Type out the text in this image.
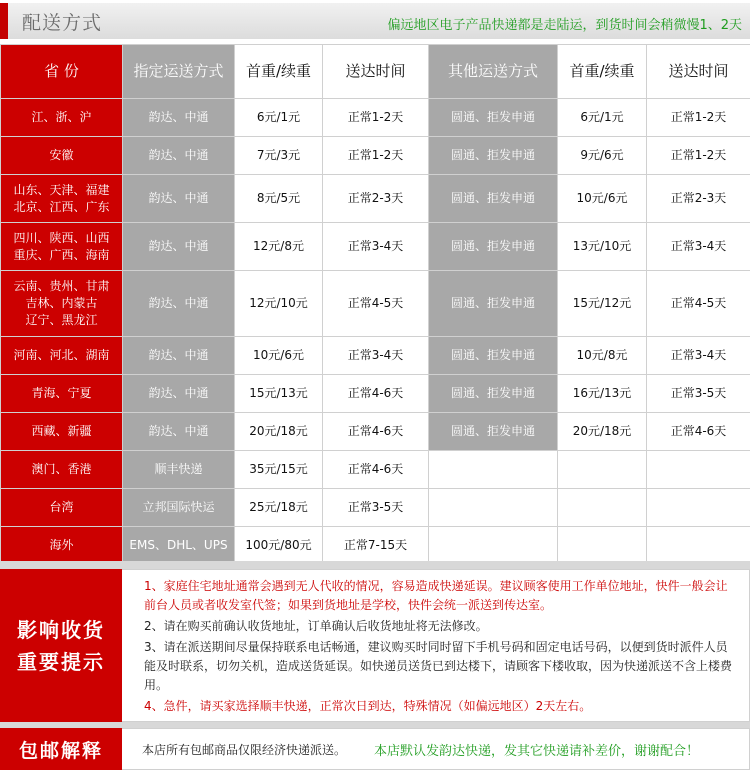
配送方式	偏远地区电子产品快递都是走陆运，到货时间会稍微慢1、2天
省 份	指定运送方式	首重/续重	送达时间	其他运送方式	首重/续重	送达时间

江、浙、沪	韵达、中通	6元/1元	正常1-2天	圆通、拒发申通	6元/1元	正常1-2天

安徽	韵达、中通	7元/3元	正常1-2天	圆通、拒发申通	9元/6元	正常1-2天

山东、天津、福建
北京、江西、广东	韵达、中通	8元/5元	正常2-3天	圆通、拒发申通	10元/6元	正常2-3天

四川、陕西、山西
重庆、广西、海南	韵达、中通	12元/8元	正常3-4天	圆通、拒发申通	13元/10元	正常3-4天

云南、贵州、甘肃
吉林、内蒙古
辽宁、黑龙江	韵达、中通	12元/10元	正常4-5天	圆通、拒发申通	15元/12元	正常4-5天

河南、河北、湖南	韵达、中通	10元/6元	正常3-4天	圆通、拒发申通	10元/8元	正常3-4天

青海、宁夏	韵达、中通	15元/13元	正常4-6天	圆通、拒发申通	16元/13元	正常3-5天

西藏、新疆	韵达、中通	20元/18元	正常4-6天	圆通、拒发申通	20元/18元	正常4-6天

澳门、香港	顺丰快递	35元/15元	正常4-6天			

台湾	立邦国际快运	25元/18元	正常3-5天			

海外	EMS、DHL、UPS	100元/80元	正常7-15天			
影响收货
重要提示

1、家庭住宅地址通常会遇到无人代收的情况，容易造成快递延误。建议顾客使用工作单位地址，快件一般会让前台人员或者收发室代签；如果到货地址是学校，快件会统一派送到传达室。

2、请在购买前确认收货地址，订单确认后收货地址将无法修改。

3、请在派送期间尽量保持联系电话畅通，建议购买时同时留下手机号码和固定电话号码，以便到货时派件人员能及时联系，切勿关机，造成送货延误。如快递员送货已到达楼下，请顾客下楼收取，因为快递派送不含上楼费用。

4、急件，请买家选择顺丰快递，正常次日到达，特殊情况（如偏远地区）2天左右。

包邮解释	本店所有包邮商品仅限经济快递派送。 本店默认发韵达快递，发其它快递请补差价，谢谢配合！
